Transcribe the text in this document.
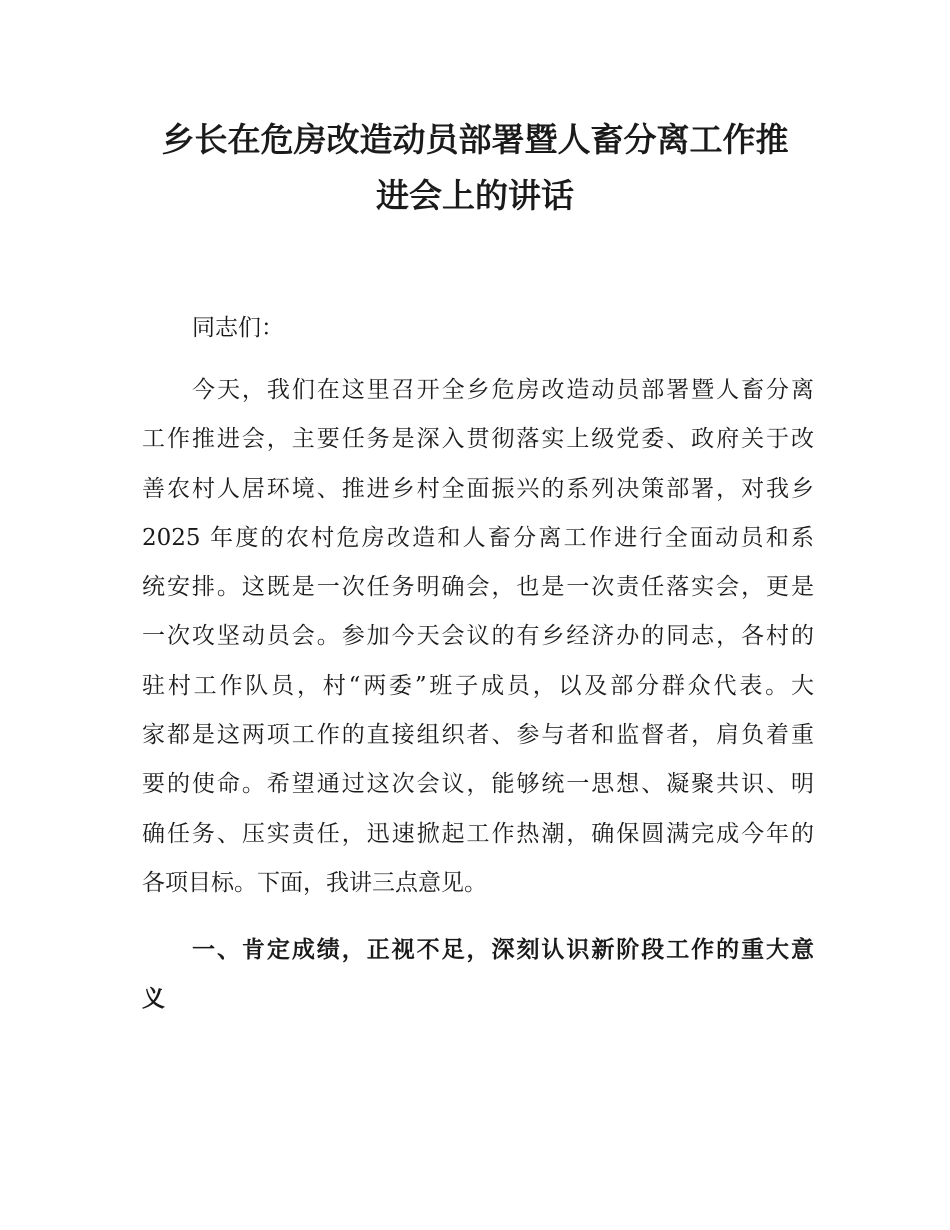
乡长在危房改造动员部署暨人畜分离工作推
进会上的讲话

同志们：

今天，我们在这里召开全乡危房改造动员部署暨人畜分离
工作推进会，主要任务是深入贯彻落实上级党委、政府关于改
善农村人居环境、推进乡村全面振兴的系列决策部署，对我乡
2025 年度的农村危房改造和人畜分离工作进行全面动员和系
统安排。这既是一次任务明确会，也是一次责任落实会，更是
一次攻坚动员会。参加今天会议的有乡经济办的同志，各村的
驻村工作队员，村“两委”班子成员，以及部分群众代表。大
家都是这两项工作的直接组织者、参与者和监督者，肩负着重
要的使命。希望通过这次会议，能够统一思想、凝聚共识、明
确任务、压实责任，迅速掀起工作热潮，确保圆满完成今年的
各项目标。下面，我讲三点意见。
一、肯定成绩，正视不足，深刻认识新阶段工作的重大意
义
